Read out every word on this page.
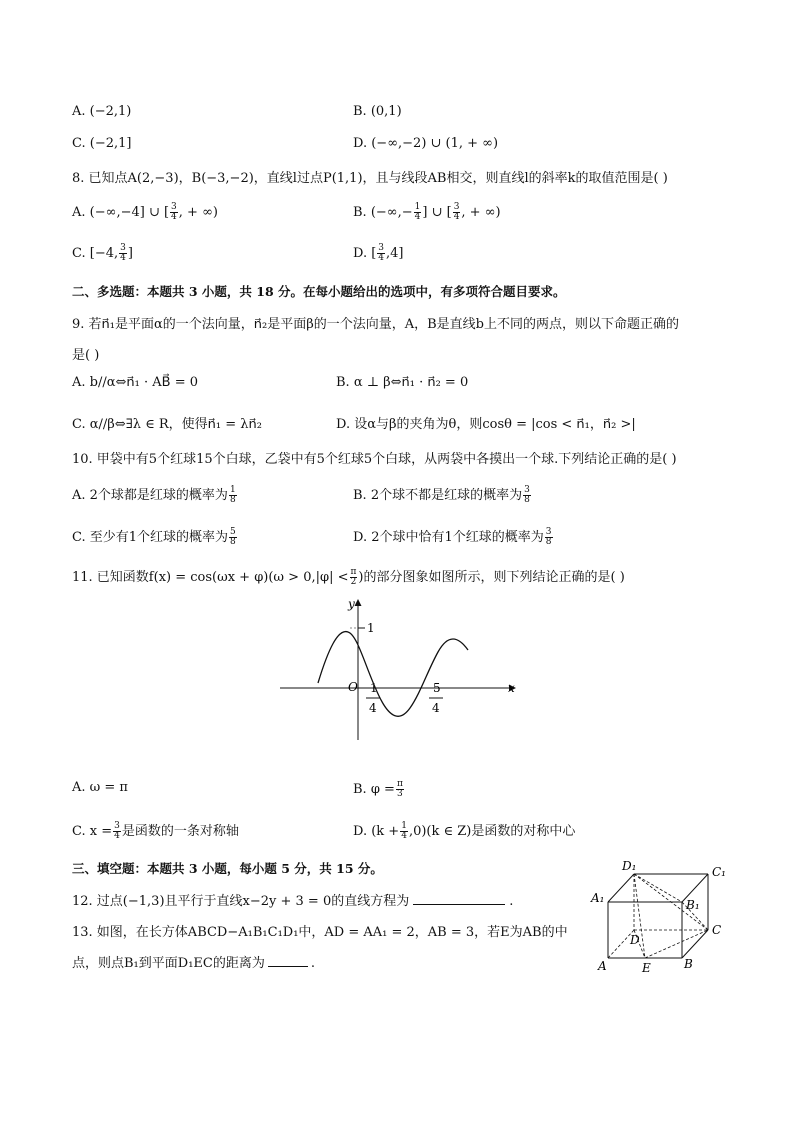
A. (−2,1)	B. (0,1)
C. (−2,1]	D. (−∞,−2) ∪ (1, + ∞)
8. 已知点A(2,−3)，B(−3,−2)，直线l过点P(1,1)，且与线段AB相交，则直线l的斜率k的取值范围是( )
A. (−∞,−4] ∪ [ $\frac{3}{4}$ , + ∞)	B. (−∞,− $\frac{1}{4}$ ] ∪ [ $\frac{3}{4}$ , + ∞)
C. [−4, $\frac{3}{4}$ ]	D. [ $\frac{3}{4} ,4$]
二、多选题：本题共 3 小题，共 18 分。在每小题给出的选项中，有多项符合题目要求。
9. 若n⃗₁是平面α的一个法向量，n⃗₂是平面β的一个法向量，A，B是直线b上不同的两点，则以下命题正确的
是( )
A. b//α⇔n⃗₁ · AB⃗ = 0	B. α ⊥ β⇔n⃗₁ · n⃗₂ = 0
C. α//β⇔∃λ ∈ R，使得n⃗₁ = λn⃗₂	D. 设α与β的夹角为θ，则cosθ = |cos < n⃗₁，n⃗₂ >|
10. 甲袋中有5个红球15个白球，乙袋中有5个红球5个白球，从两袋中各摸出一个球.下列结论正确的是( )
A. 2个球都是红球的概率为 $\frac{1}{8}$	B. 2个球不都是红球的概率为 $\frac{3}{8}$
C. 至少有1个红球的概率为 $\frac{5}{8}$	D. 2个球中恰有1个红球的概率为 $\frac{3}{8}$
11. 已知函数$f(x) = \cos(\omega x + \varphi)(\omega > 0,|\varphi| < \frac{\pi}{2}$ )的部分图象如图所示，则下列结论正确的是( )
y
x
O
1
1
4
5
4
A. ω = π	B. $\varphi = \frac{\pi}{3}$
C. $x = \frac{3}{4}$ 是函数的一条对称轴	D. $(k + \frac{1}{4} ,0)(k$ ∈ Z)是函数的对称中心
三、填空题：本题共 3 小题，每小题 5 分，共 15 分。
12. 过点(−1,3)且平行于直线x−2y + 3 = 0的直线方程为	.
13. 如图，在长方体ABCD−A₁B₁C₁D₁中，AD = AA₁ = 2，AB = 3，若E为AB的中
点，则点B₁到平面D₁EC的距离为	.
D₁	C₁
A₁	B₁
D
C
A	E	B
